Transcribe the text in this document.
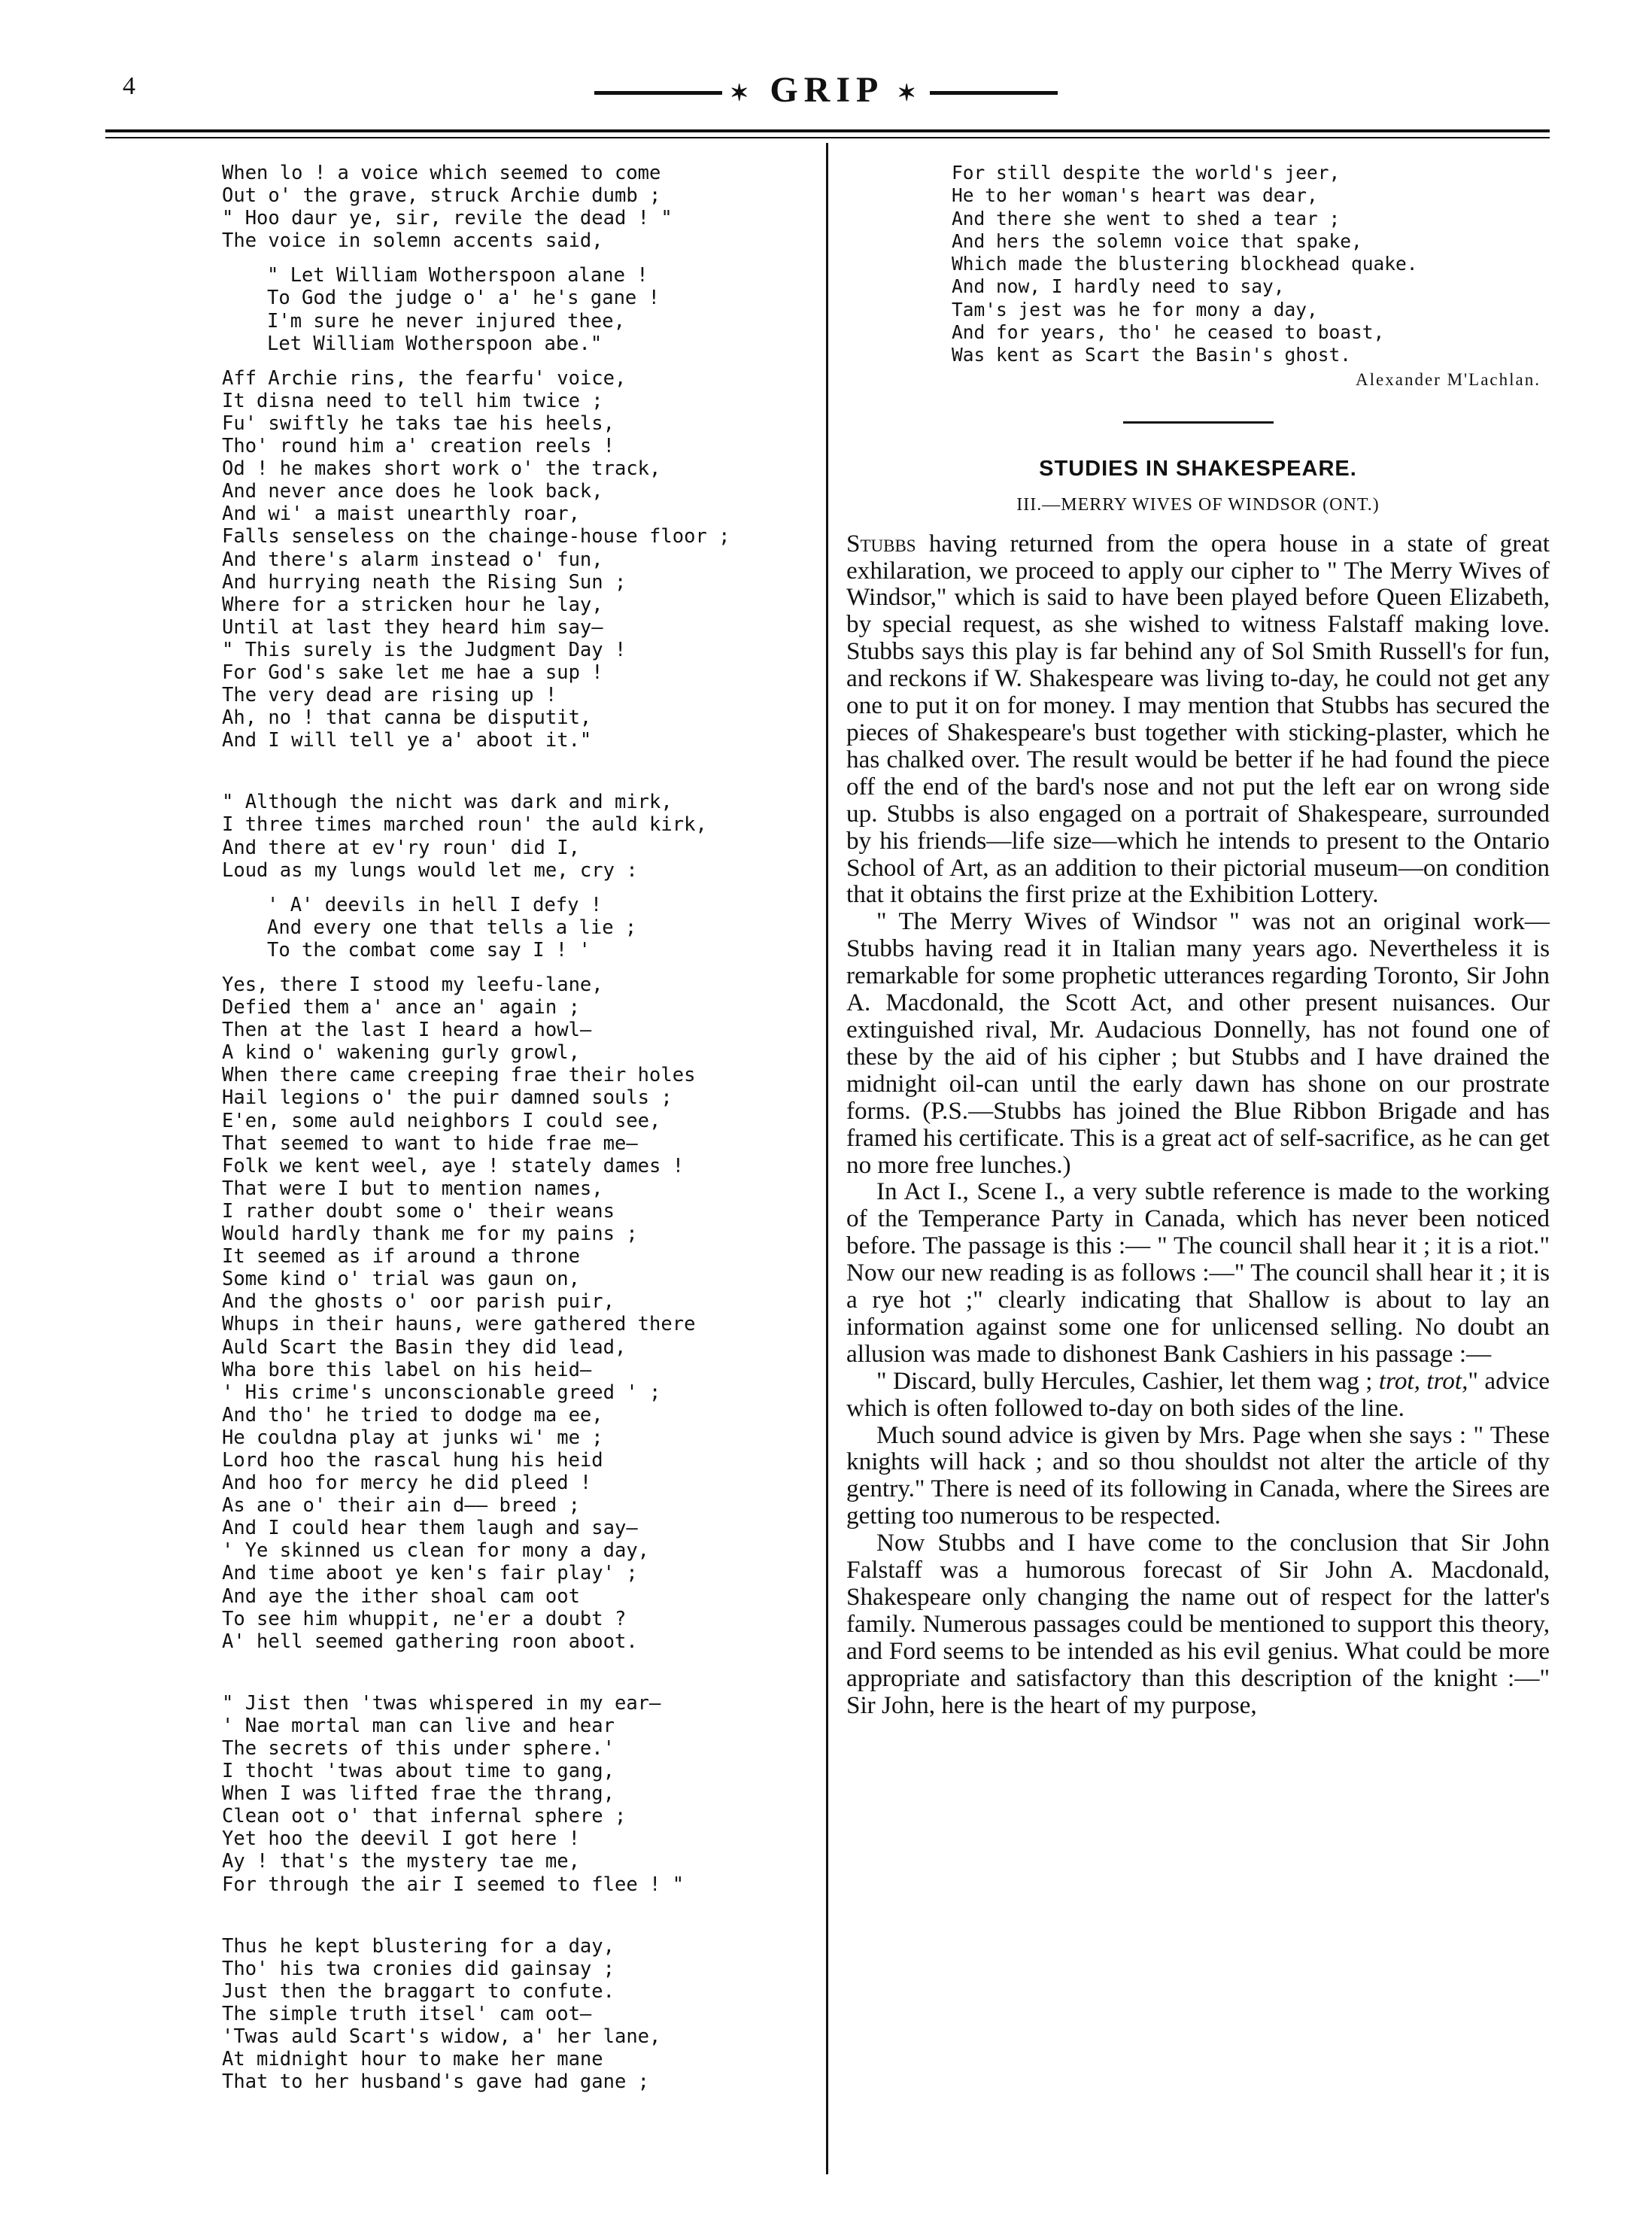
4	✶ GRIP ✶
When lo ! a voice which seemed to come
Out o' the grave, struck Archie dumb ;
" Hoo daur ye, sir, revile the dead ! "
The voice in solemn accents said,
" Let William Wotherspoon alane !
To God the judge o' a' he's gane !
I'm sure he never injured thee,
Let William Wotherspoon abe."
Aff Archie rins, the fearfu' voice,
It disna need to tell him twice ;
Fu' swiftly he taks tae his heels,
Tho' round him a' creation reels !
Od ! he makes short work o' the track,
And never ance does he look back,
And wi' a maist unearthly roar,
Falls senseless on the chainge-house floor ;
And there's alarm instead o' fun,
And hurrying neath the Rising Sun ;
Where for a stricken hour he lay,
Until at last they heard him say—
" This surely is the Judgment Day !
For God's sake let me hae a sup !
The very dead are rising up !
Ah, no ! that canna be disputit,
And I will tell ye a' aboot it."
" Although the nicht was dark and mirk,
I three times marched roun' the auld kirk,
And there at ev'ry roun' did I,
Loud as my lungs would let me, cry :
' A' deevils in hell I defy !
And every one that tells a lie ;
To the combat come say I ! '
Yes, there I stood my leefu-lane,
Defied them a' ance an' again ;
Then at the last I heard a howl—
A kind o' wakening gurly growl,
When there came creeping frae their holes
Hail legions o' the puir damned souls ;
E'en, some auld neighbors I could see,
That seemed to want to hide frae me—
Folk we kent weel, aye ! stately dames !
That were I but to mention names,
I rather doubt some o' their weans
Would hardly thank me for my pains ;
It seemed as if around a throne
Some kind o' trial was gaun on,
And the ghosts o' oor parish puir,
Whups in their hauns, were gathered there
Auld Scart the Basin they did lead,
Wha bore this label on his heid—
' His crime's unconscionable greed ' ;
And tho' he tried to dodge ma ee,
He couldna play at junks wi' me ;
Lord hoo the rascal hung his heid
And hoo for mercy he did pleed !
As ane o' their ain d—— breed ;
And I could hear them laugh and say—
' Ye skinned us clean for mony a day,
And time aboot ye ken's fair play' ;
And aye the ither shoal cam oot
To see him whuppit, ne'er a doubt ?
A' hell seemed gathering roon aboot.
" Jist then 'twas whispered in my ear—
' Nae mortal man can live and hear
The secrets of this under sphere.'
I thocht 'twas about time to gang,
When I was lifted frae the thrang,
Clean oot o' that infernal sphere ;
Yet hoo the deevil I got here !
Ay ! that's the mystery tae me,
For through the air I seemed to flee ! "
Thus he kept blustering for a day,
Tho' his twa cronies did gainsay ;
Just then the braggart to confute.
The simple truth itsel' cam oot—
'Twas auld Scart's widow, a' her lane,
At midnight hour to make her mane
That to her husband's gave had gane ;
For still despite the world's jeer,
He to her woman's heart was dear,
And there she went to shed a tear ;
And hers the solemn voice that spake,
Which made the blustering blockhead quake.
And now, I hardly need to say,
Tam's jest was he for mony a day,
And for years, tho' he ceased to boast,
Was kent as Scart the Basin's ghost.
Alexander M'Lachlan.
STUDIES IN SHAKESPEARE.
III.—MERRY WIVES OF WINDSOR (ONT.)

Stubbs having returned from the opera house in a state of great exhilaration, we proceed to apply our cipher to " The Merry Wives of Windsor," which is said to have been played before Queen Elizabeth, by special request, as she wished to witness Falstaff making love. Stubbs says this play is far behind any of Sol Smith Russell's for fun, and reckons if W. Shakespeare was living to-day, he could not get any one to put it on for money. I may mention that Stubbs has secured the pieces of Shakespeare's bust together with sticking-plaster, which he has chalked over. The result would be better if he had found the piece off the end of the bard's nose and not put the left ear on wrong side up. Stubbs is also engaged on a portrait of Shakespeare, surrounded by his friends—life size—which he intends to present to the Ontario School of Art, as an addition to their pictorial museum—on condition that it obtains the first prize at the Exhibition Lottery.

" The Merry Wives of Windsor " was not an original work—Stubbs having read it in Italian many years ago. Nevertheless it is remarkable for some prophetic utterances regarding Toronto, Sir John A. Macdonald, the Scott Act, and other present nuisances. Our extinguished rival, Mr. Audacious Donnelly, has not found one of these by the aid of his cipher ; but Stubbs and I have drained the midnight oil-can until the early dawn has shone on our prostrate forms. (P.S.—Stubbs has joined the Blue Ribbon Brigade and has framed his certificate. This is a great act of self-sacrifice, as he can get no more free lunches.)

In Act I., Scene I., a very subtle reference is made to the working of the Temperance Party in Canada, which has never been noticed before. The passage is this :— " The council shall hear it ; it is a riot." Now our new reading is as follows :—" The council shall hear it ; it is a rye hot ;" clearly indicating that Shallow is about to lay an information against some one for unlicensed selling. No doubt an allusion was made to dishonest Bank Cashiers in his passage :—

" Discard, bully Hercules, Cashier, let them wag ; trot, trot," advice which is often followed to-day on both sides of the line.

Much sound advice is given by Mrs. Page when she says : " These knights will hack ; and so thou shouldst not alter the article of thy gentry." There is need of its following in Canada, where the Sirees are getting too numerous to be respected.

Now Stubbs and I have come to the conclusion that Sir John Falstaff was a humorous forecast of Sir John A. Macdonald, Shakespeare only changing the name out of respect for the latter's family. Numerous passages could be mentioned to support this theory, and Ford seems to be intended as his evil genius. What could be more appropriate and satisfactory than this description of the knight :—" Sir John, here is the heart of my purpose,
